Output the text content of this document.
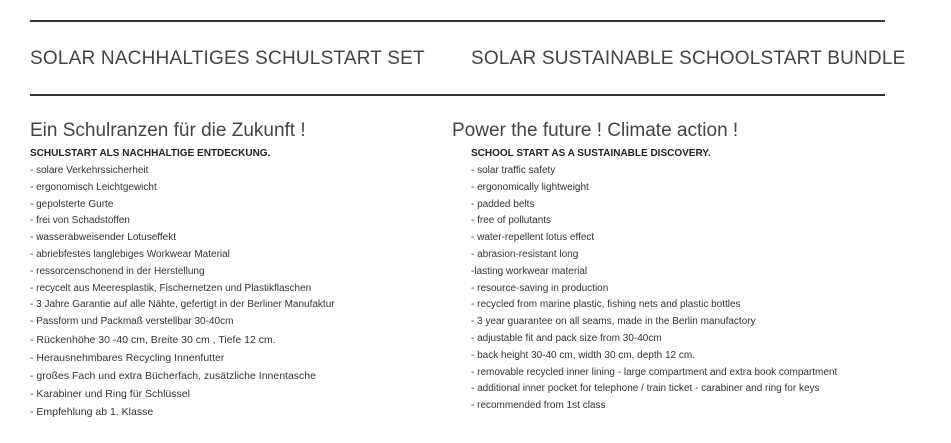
SOLAR NACHHALTIGES SCHULSTART SET SOLAR SUSTAINABLE SCHOOLSTART BUNDLE
Ein Schulranzen für die Zukunft !
SCHULSTART ALS NACHHALTIGE ENTDECKUNG.
- solare Verkehrssicherheit
- ergonomisch Leichtgewicht
- gepolsterte Gurte
- frei von Schadstoffen
- wasserabweisender Lotuseffekt
- abriebfestes langlebiges Workwear Material
- ressorcenschonend in der Herstellung
- recycelt aus Meeresplastik, Fischernetzen und Plastikflaschen
- 3 Jahre Garantie auf alle Nähte, gefertigt in der Berliner Manufaktur
- Passform und Packmaß verstellbar 30-40cm
- Rückenhöhe 30 -40 cm, Breite 30 cm , Tiefe 12 cm.
- Herausnehmbares Recycling Innenfutter
- großes Fach und extra Bücherfach, zusätzliche Innentasche
- Karabiner und Ring für Schlüssel
- Empfehlung ab 1. Klasse
Power the future ! Climate action !
SCHOOL START AS A SUSTAINABLE DISCOVERY.
- solar traffic safety
- ergonomically lightweight
- padded belts
- free of pollutants
- water-repellent lotus effect
- abrasion-resistant long
-lasting workwear material
- resource-saving in production
- recycled from marine plastic, fishing nets and plastic bottles
- 3 year guarantee on all seams, made in the Berlin manufactory
- adjustable fit and pack size from 30-40cm
- back height 30-40 cm, width 30 cm, depth 12 cm.
- removable recycled inner lining - large compartment and extra book compartment
- additional inner pocket for telephone / train ticket - carabiner and ring for keys
- recommended from 1st class
